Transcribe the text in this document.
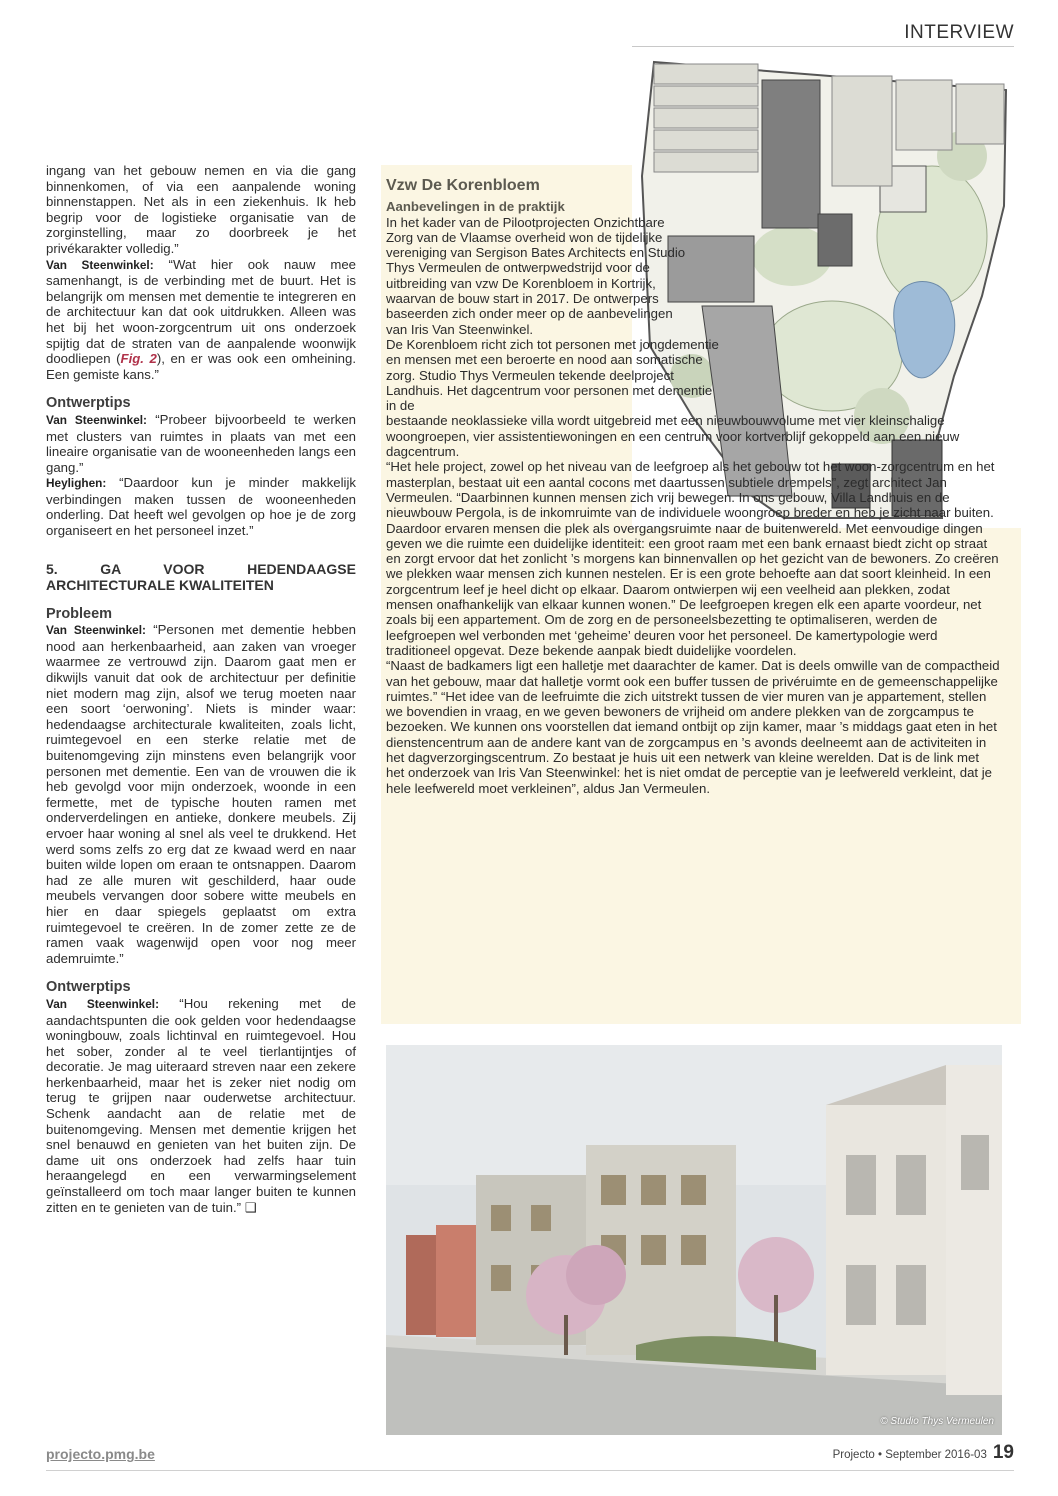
INTERVIEW

ingang van het gebouw nemen en via die gang binnenkomen, of via een aanpalende woning binnenstappen. Net als in een ziekenhuis. Ik heb begrip voor de logistieke organisatie van de zorginstelling, maar zo doorbreek je het privékarakter volledig.”

Van Steenwinkel: “Wat hier ook nauw mee samenhangt, is de verbinding met de buurt. Het is belangrijk om mensen met dementie te integreren en de architectuur kan dat ook uitdrukken. Alleen was het bij het woon-zorgcentrum uit ons onderzoek spijtig dat de straten van de aanpalende woonwijk doodliepen (Fig. 2), en er was ook een omheining. Een gemiste kans.”

Ontwerptips

Van Steenwinkel: “Probeer bijvoorbeeld te werken met clusters van ruimtes in plaats van met een lineaire organisatie van de wooneenheden langs een gang.”

Heylighen: “Daardoor kun je minder makkelijk verbindingen maken tussen de wooneenheden onderling. Dat heeft wel gevolgen op hoe je de zorg organiseert en het personeel inzet.”

5. GA VOOR HEDENDAAGSE ARCHITECTURALE KWALITEITEN
Probleem

Van Steenwinkel: “Personen met dementie hebben nood aan herkenbaarheid, aan zaken van vroeger waarmee ze vertrouwd zijn. Daarom gaat men er dikwijls vanuit dat ook de architectuur per definitie niet modern mag zijn, alsof we terug moeten naar een soort ‘oerwoning’. Niets is minder waar: hedendaagse architecturale kwaliteiten, zoals licht, ruimtegevoel en een sterke relatie met de buitenomgeving zijn minstens even belangrijk voor personen met dementie. Een van de vrouwen die ik heb gevolgd voor mijn onderzoek, woonde in een fermette, met de typische houten ramen met onderverdelingen en antieke, donkere meubels. Zij ervoer haar woning al snel als veel te drukkend. Het werd soms zelfs zo erg dat ze kwaad werd en naar buiten wilde lopen om eraan te ontsnappen. Daarom had ze alle muren wit geschilderd, haar oude meubels vervangen door sobere witte meubels en hier en daar spiegels geplaatst om extra ruimtegevoel te creëren. In de zomer zette ze de ramen vaak wagenwijd open voor nog meer ademruimte.”

Ontwerptips

Van Steenwinkel: “Hou rekening met de aandachtspunten die ook gelden voor hedendaagse woningbouw, zoals lichtinval en ruimtegevoel. Hou het sober, zonder al te veel tierlantijntjes of decoratie. Je mag uiteraard streven naar een zekere herkenbaarheid, maar het is zeker niet nodig om terug te grijpen naar ouderwetse architectuur. Schenk aandacht aan de relatie met de buitenomgeving. Mensen met dementie krijgen het snel benauwd en genieten van het buiten zijn. De dame uit ons onderzoek had zelfs haar tuin heraangelegd en een verwarmingselement geïnstalleerd om toch maar langer buiten te kunnen zitten en te genieten van de tuin.” ❑

Vzw De Korenbloem
Aanbevelingen in de praktijk

In het kader van de Pilootprojecten Onzichtbare Zorg van de Vlaamse overheid won de tijdelijke vereniging van Sergison Bates Architects en Studio Thys Vermeulen de ontwerpwedstrijd voor de uitbreiding van vzw De Korenbloem in Kortrijk, waarvan de bouw start in 2017. De ontwerpers baseerden zich onder meer op de aanbevelingen van Iris Van Steenwinkel.

De Korenbloem richt zich tot personen met jongdementie en mensen met een beroerte en nood aan somatische zorg. Studio Thys Vermeulen tekende deelproject Landhuis. Het dagcentrum voor personen met dementie in de

bestaande neoklassieke villa wordt uitgebreid met een nieuwbouwvolume met vier kleinschalige woongroepen, vier assistentiewoningen en een centrum voor kortverblijf gekoppeld aan een nieuw dagcentrum.

“Het hele project, zowel op het niveau van de leefgroep als het gebouw tot het woon-zorgcentrum en het masterplan, bestaat uit een aantal cocons met daartussen subtiele drempels”, zegt architect Jan Vermeulen. “Daarbinnen kunnen mensen zich vrij bewegen. In ons gebouw, Villa Landhuis en de nieuwbouw Pergola, is de inkomruimte van de individuele woongroep breder en heb je zicht naar buiten. Daardoor ervaren mensen die plek als overgangsruimte naar de buitenwereld. Met eenvoudige dingen geven we die ruimte een duidelijke identiteit: een groot raam met een bank ernaast biedt zicht op straat en zorgt ervoor dat het zonlicht ’s morgens kan binnenvallen op het gezicht van de bewoners. Zo creëren we plekken waar mensen zich kunnen nestelen. Er is een grote behoefte aan dat soort kleinheid. In een zorgcentrum leef je heel dicht op elkaar. Daarom ontwierpen wij een veelheid aan plekken, zodat mensen onafhankelijk van elkaar kunnen wonen.” De leefgroepen kregen elk een aparte voordeur, net zoals bij een appartement. Om de zorg en de personeelsbezetting te optimaliseren, werden de leefgroepen wel verbonden met ‘geheime’ deuren voor het personeel. De kamertypologie werd traditioneel opgevat. Deze bekende aanpak biedt duidelijke voordelen.

“Naast de badkamers ligt een halletje met daarachter de kamer. Dat is deels omwille van de compactheid van het gebouw, maar dat halletje vormt ook een buffer tussen de privéruimte en de gemeenschappelijke ruimtes.” “Het idee van de leefruimte die zich uitstrekt tussen de vier muren van je appartement, stellen we bovendien in vraag, en we geven bewoners de vrijheid om andere plekken van de zorgcampus te bezoeken. We kunnen ons voorstellen dat iemand ontbijt op zijn kamer, maar ’s middags gaat eten in het dienstencentrum aan de andere kant van de zorgcampus en ’s avonds deelneemt aan de activiteiten in het dagverzorgingscentrum. Zo bestaat je huis uit een netwerk van kleine werelden. Dat is de link met het onderzoek van Iris Van Steenwinkel: het is niet omdat de perceptie van je leefwereld verkleint, dat je hele leefwereld moet verkleinen”, aldus Jan Vermeulen.

© Studio Thys Vermeulen
projecto.pmg.be	Projecto • September 2016-03 19
